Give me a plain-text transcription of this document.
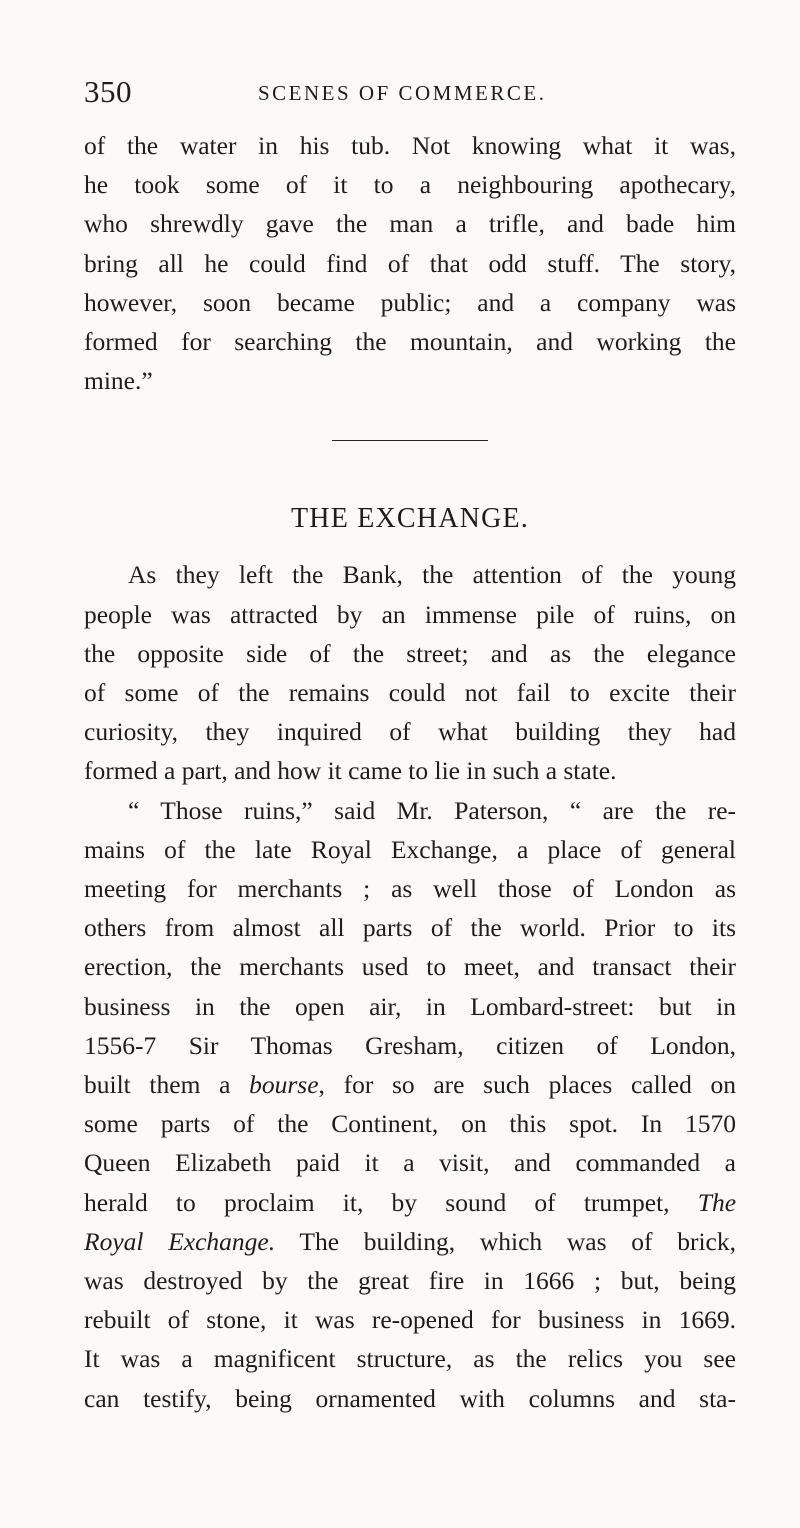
350	SCENES OF COMMERCE.

of the water in his tub. Not knowing what it was,
he took some of it to a neighbouring apothecary,
who shrewdly gave the man a trifle, and bade him
bring all he could find of that odd stuff. The story,
however, soon became public; and a company was
formed for searching the mountain, and working the
mine.”

THE EXCHANGE.

As they left the Bank, the attention of the young
people was attracted by an immense pile of ruins, on
the opposite side of the street; and as the elegance
of some of the remains could not fail to excite their
curiosity, they inquired of what building they had
formed a part, and how it came to lie in such a state.

“ Those ruins,” said Mr. Paterson, “ are the re-
mains of the late Royal Exchange, a place of general
meeting for merchants ; as well those of London as
others from almost all parts of the world. Prior to its
erection, the merchants used to meet, and transact their
business in the open air, in Lombard-street: but in
1556-7 Sir Thomas Gresham, citizen of London,
built them a bourse, for so are such places called on
some parts of the Continent, on this spot. In 1570
Queen Elizabeth paid it a visit, and commanded a
herald to proclaim it, by sound of trumpet, The
Royal Exchange. The building, which was of brick,
was destroyed by the great fire in 1666 ; but, being
rebuilt of stone, it was re-opened for business in 1669.
It was a magnificent structure, as the relics you see
can testify, being ornamented with columns and sta-
